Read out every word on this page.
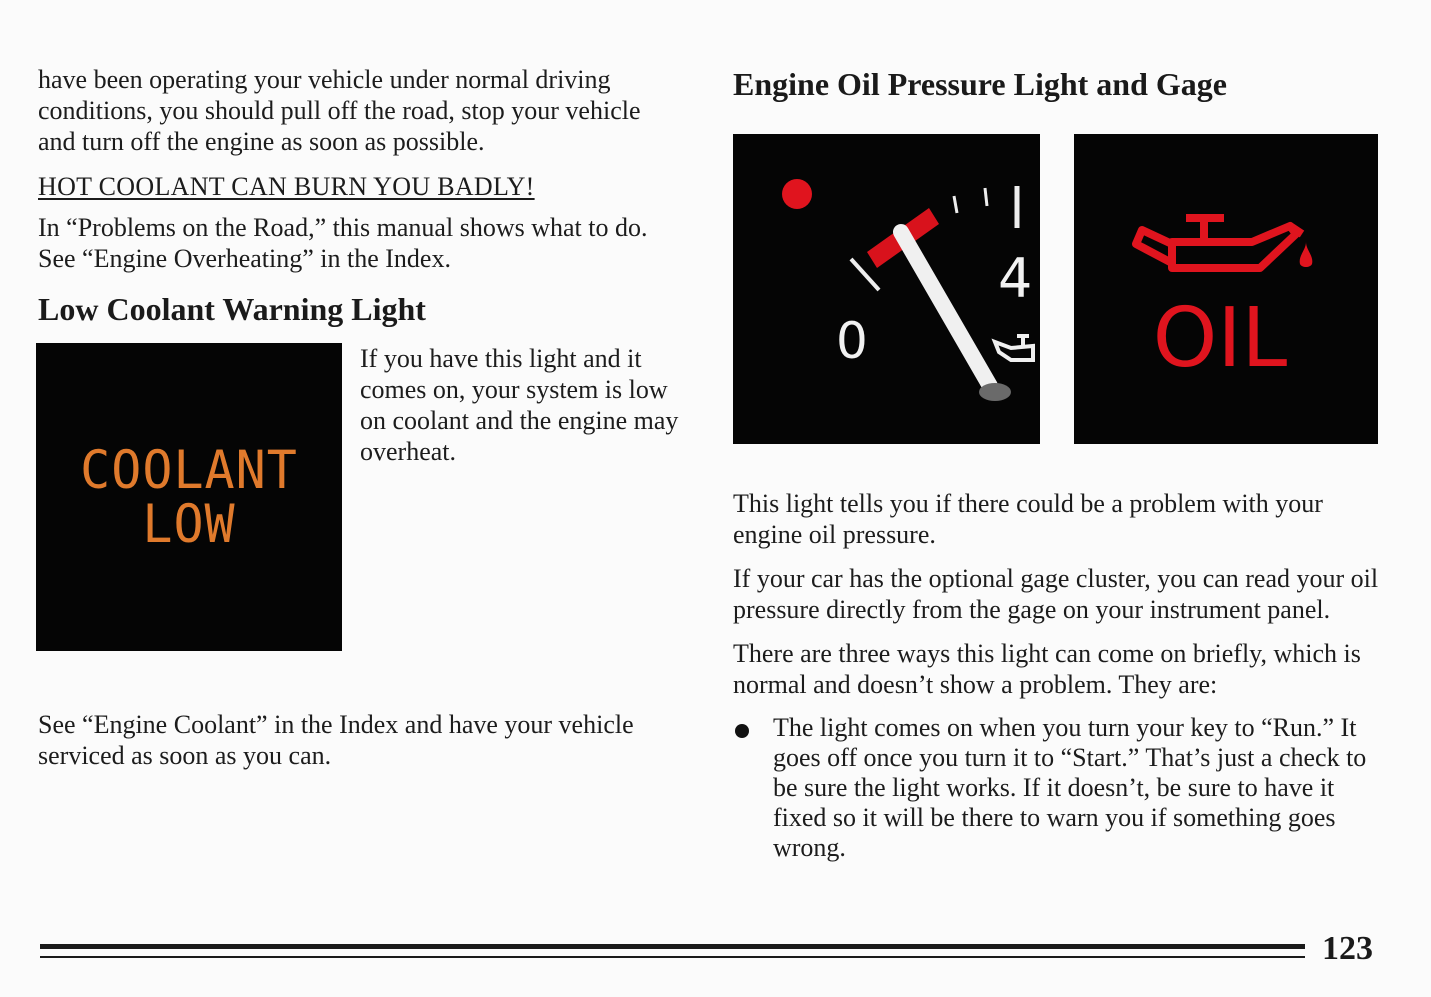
have been operating your vehicle under normal driving conditions, you should pull off the road, stop your vehicle and turn off the engine as soon as possible.

HOT COOLANT CAN BURN YOU BADLY!

In “Problems on the Road,” this manual shows what to do. See “Engine Overheating” in the Index.

Low Coolant Warning Light
COOLANT
LOW

If you have this light and it comes on, your system is low on coolant and the engine may overheat.

See “Engine Coolant” in the Index and have your vehicle serviced as soon as you can.

Engine Oil Pressure Light and Gage
0
4
OIL

This light tells you if there could be a problem with your engine oil pressure.

If your car has the optional gage cluster, you can read your oil pressure directly from the gage on your instrument panel.

There are three ways this light can come on briefly, which is normal and doesn’t show a problem. They are:

The light comes on when you turn your key to “Run.” It goes off once you turn it to “Start.” That’s just a check to be sure the light works. If it doesn’t, be sure to have it fixed so it will be there to warn you if something goes wrong.
123
